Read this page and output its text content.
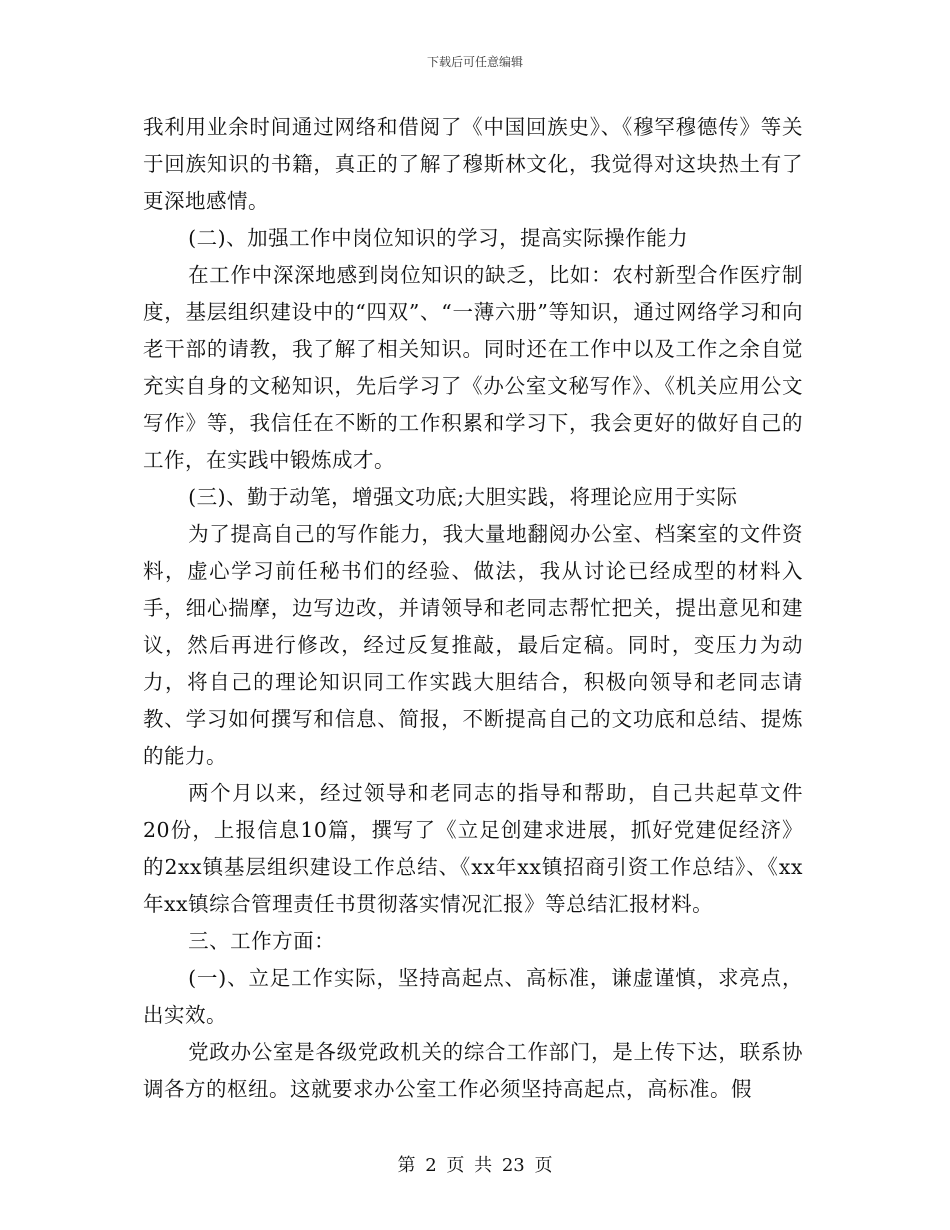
下载后可任意编辑

我利用业余时间通过网络和借阅了《中国回族史》、《穆罕穆德传》等关于回族知识的书籍，真正的了解了穆斯林文化，我觉得对这块热土有了更深地感情。

(二)、加强工作中岗位知识的学习，提高实际操作能力

在工作中深深地感到岗位知识的缺乏，比如：农村新型合作医疗制度，基层组织建设中的“四双”、“一薄六册”等知识，通过网络学习和向老干部的请教，我了解了相关知识。同时还在工作中以及工作之余自觉充实自身的文秘知识，先后学习了《办公室文秘写作》、《机关应用公文写作》等，我信任在不断的工作积累和学习下，我会更好的做好自己的工作，在实践中锻炼成才。

(三)、勤于动笔，增强文功底;大胆实践，将理论应用于实际

为了提高自己的写作能力，我大量地翻阅办公室、档案室的文件资料，虚心学习前任秘书们的经验、做法，我从讨论已经成型的材料入手，细心揣摩，边写边改，并请领导和老同志帮忙把关，提出意见和建议，然后再进行修改，经过反复推敲，最后定稿。同时，变压力为动力，将自己的理论知识同工作实践大胆结合，积极向领导和老同志请教、学习如何撰写和信息、简报，不断提高自己的文功底和总结、提炼的能力。

两个月以来，经过领导和老同志的指导和帮助，自己共起草文件20份，上报信息10篇，撰写了《立足创建求进展，抓好党建促经济》的2xx镇基层组织建设工作总结、《xx年xx镇招商引资工作总结》、《xx年xx镇综合管理责任书贯彻落实情况汇报》等总结汇报材料。

三、工作方面：

(一)、立足工作实际，坚持高起点、高标准，谦虚谨慎，求亮点，出实效。

党政办公室是各级党政机关的综合工作部门，是上传下达，联系协调各方的枢纽。这就要求办公室工作必须坚持高起点，高标准。假

第 2 页 共 23 页
